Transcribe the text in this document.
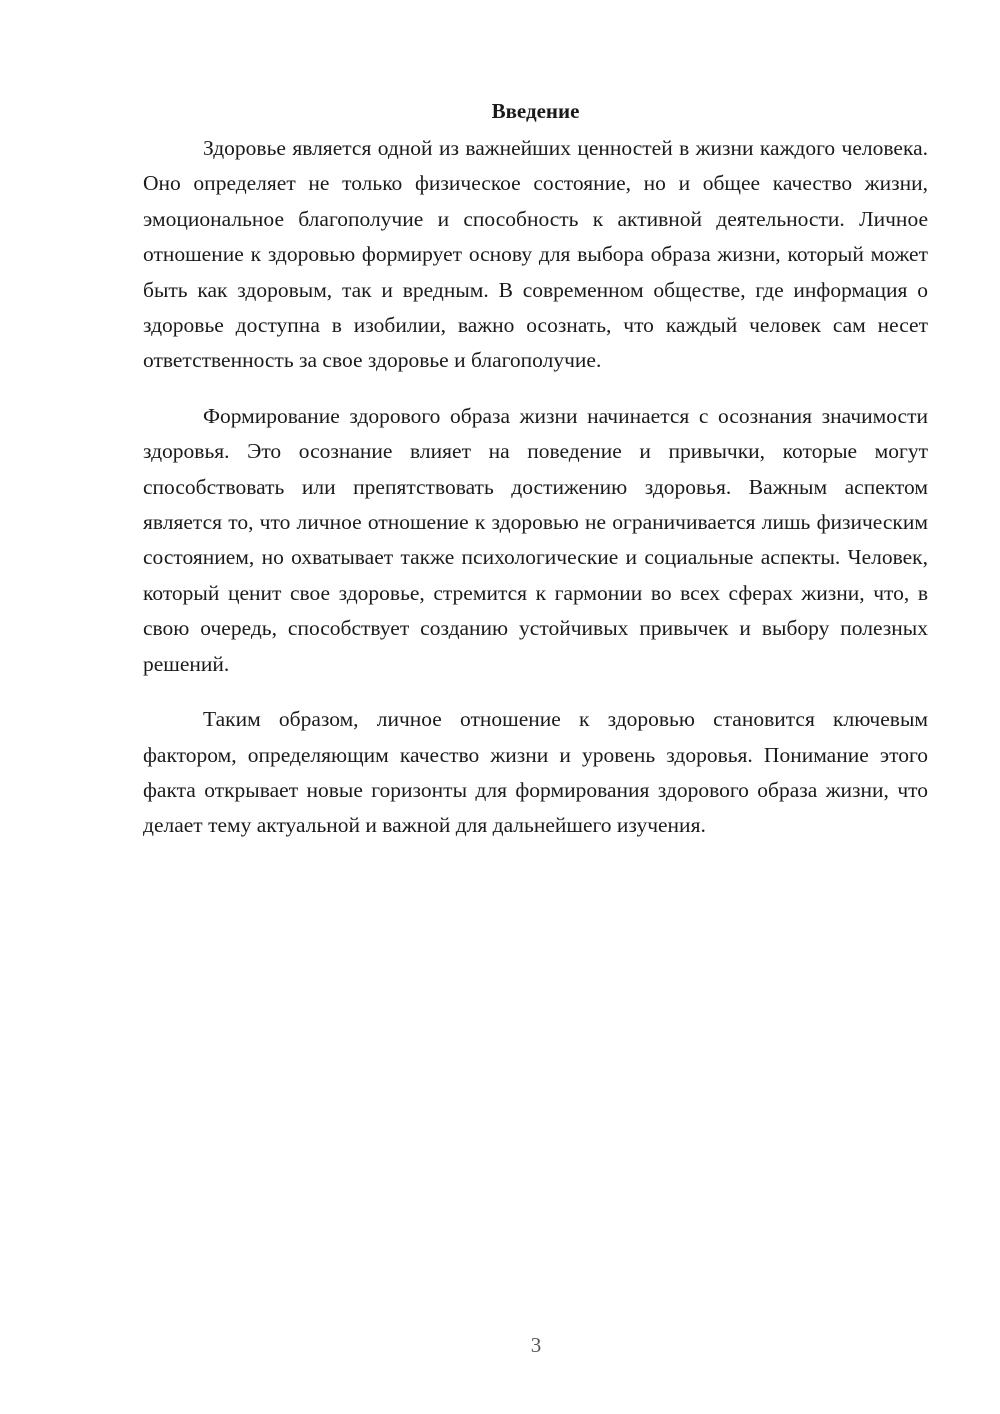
Введение

Здоровье является одной из важнейших ценностей в жизни каждого человека. Оно определяет не только физическое состояние, но и общее качество жизни, эмоциональное благополучие и способность к активной деятельности. Личное отношение к здоровью формирует основу для выбора образа жизни, который может быть как здоровым, так и вредным. В современном обществе, где информация о здоровье доступна в изобилии, важно осознать, что каждый человек сам несет ответственность за свое здоровье и благополучие.

Формирование здорового образа жизни начинается с осознания значимости здоровья. Это осознание влияет на поведение и привычки, которые могут способствовать или препятствовать достижению здоровья. Важным аспектом является то, что личное отношение к здоровью не ограничивается лишь физическим состоянием, но охватывает также психологические и социальные аспекты. Человек, который ценит свое здоровье, стремится к гармонии во всех сферах жизни, что, в свою очередь, способствует созданию устойчивых привычек и выбору полезных решений.

Таким образом, личное отношение к здоровью становится ключевым фактором, определяющим качество жизни и уровень здоровья. Понимание этого факта открывает новые горизонты для формирования здорового образа жизни, что делает тему актуальной и важной для дальнейшего изучения.

3
